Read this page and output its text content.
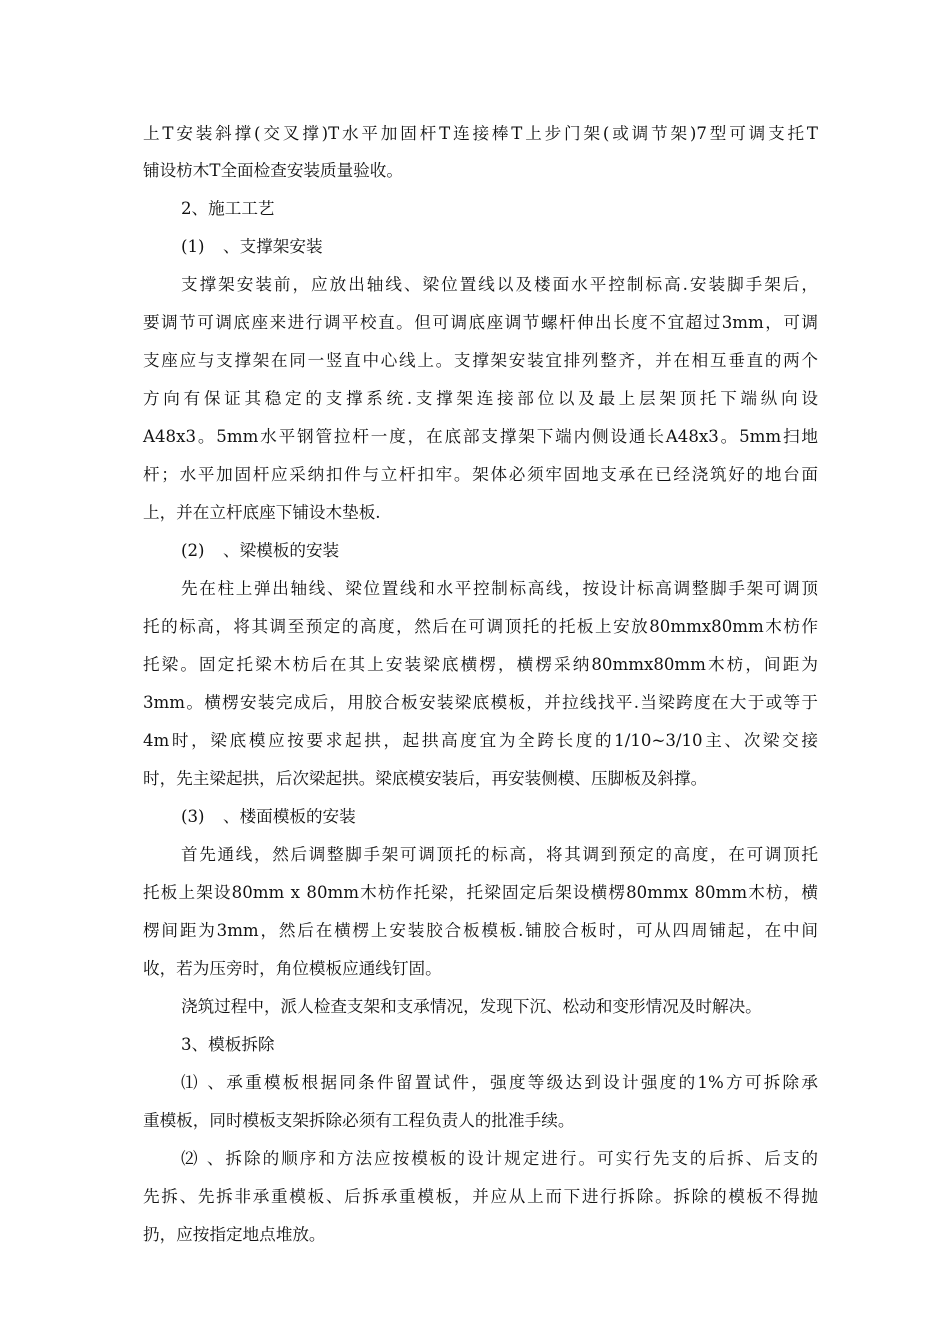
上T安装斜撑(交叉撑)T水平加固杆T连接棒T上步门架(或调节架)7型可调支托T
铺设枋木T全面检查安装质量验收。
2、施工工艺
(1) 、支撑架安装
支撑架安装前，应放出轴线、梁位置线以及楼面水平控制标高.安装脚手架后，
要调节可调底座来进行调平校直。但可调底座调节螺杆伸出长度不宜超过3mm，可调
支座应与支撑架在同一竖直中心线上。支撑架安装宜排列整齐，并在相互垂直的两个
方向有保证其稳定的支撑系统.支撑架连接部位以及最上层架顶托下端纵向设
A48x3。5mm水平钢管拉杆一度，在底部支撑架下端内侧设通长A48x3。5mm扫地
杆；水平加固杆应采纳扣件与立杆扣牢。架体必须牢固地支承在已经浇筑好的地台面
上，并在立杆底座下铺设木垫板.
(2) 、梁模板的安装
先在柱上弹出轴线、梁位置线和水平控制标高线，按设计标高调整脚手架可调顶
托的标高，将其调至预定的高度，然后在可调顶托的托板上安放80mmx80mm木枋作
托梁。固定托梁木枋后在其上安装梁底横楞，横楞采纳80mmx80mm木枋，间距为
3mm。横楞安装完成后，用胶合板安装梁底模板，并拉线找平.当梁跨度在大于或等于
4m时，梁底模应按要求起拱，起拱高度宜为全跨长度的1/10~3/10主、次梁交接
时，先主梁起拱，后次梁起拱。梁底模安装后，再安装侧模、压脚板及斜撑。
(3) 、楼面模板的安装
首先通线，然后调整脚手架可调顶托的标高，将其调到预定的高度，在可调顶托
托板上架设80mm x 80mm木枋作托梁，托梁固定后架设横楞80mmx 80mm木枋，横
楞间距为3mm，然后在横楞上安装胶合板模板.铺胶合板时，可从四周铺起，在中间
收，若为压旁时，角位模板应通线钉固。
浇筑过程中，派人检查支架和支承情况，发现下沉、松动和变形情况及时解决。
3、模板拆除
⑴ 、承重模板根据同条件留置试件，强度等级达到设计强度的1%方可拆除承
重模板，同时模板支架拆除必须有工程负责人的批准手续。
⑵ 、拆除的顺序和方法应按模板的设计规定进行。可实行先支的后拆、后支的
先拆、先拆非承重模板、后拆承重模板，并应从上而下进行拆除。拆除的模板不得抛
扔，应按指定地点堆放。
